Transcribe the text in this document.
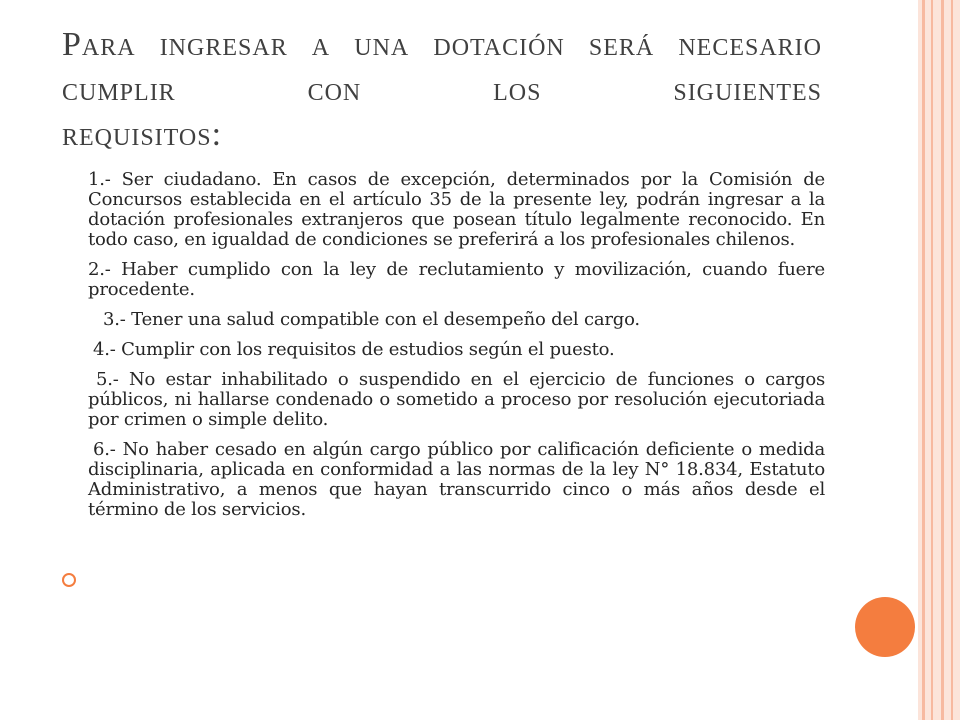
Para ingresar a una dotación será necesario cumplir con los siguientes
requisitos:

1.- Ser ciudadano. En casos de excepción, determinados por la Comisión de Concursos establecida en el artículo 35 de la presente ley, podrán ingresar a la dotación profesionales extranjeros que posean título legalmente reconocido. En todo caso, en igualdad de condiciones se preferirá a los profesionales chilenos.

2.- Haber cumplido con la ley de reclutamiento y movilización, cuando fuere procedente.

3.- Tener una salud compatible con el desempeño del cargo.

4.- Cumplir con los requisitos de estudios según el puesto.

5.- No estar inhabilitado o suspendido en el ejercicio de funciones o cargos públicos, ni hallarse condenado o sometido a proceso por resolución ejecutoriada por crimen o simple delito.

6.- No haber cesado en algún cargo público por calificación deficiente o medida disciplinaria, aplicada en conformidad a las normas de la ley N° 18.834, Estatuto Administrativo, a menos que hayan transcurrido cinco o más años desde el término de los servicios.
